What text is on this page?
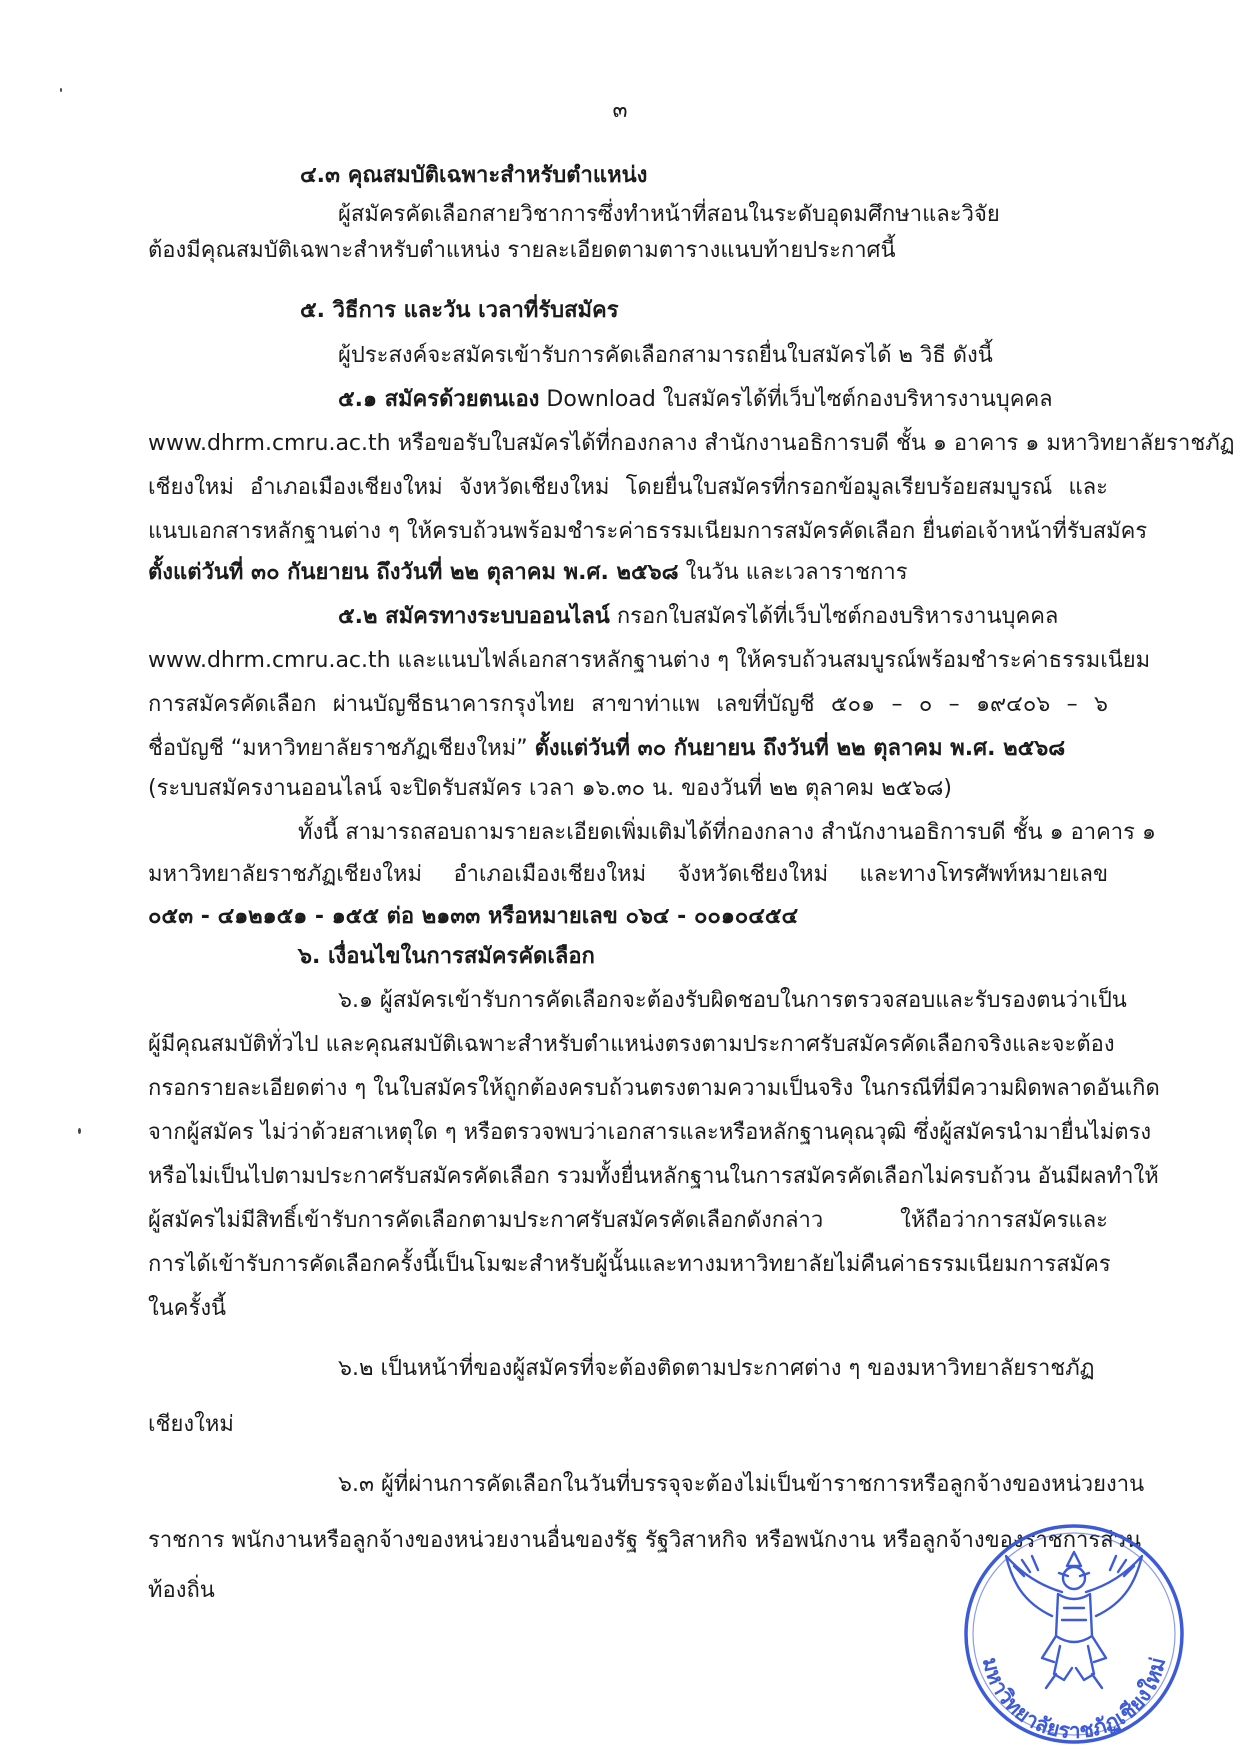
๓
๔.๓ คุณสมบัติเฉพาะสำหรับตำแหน่ง
ผู้สมัครคัดเลือกสายวิชาการซึ่งทำหน้าที่สอนในระดับอุดมศึกษาและวิจัย
ต้องมีคุณสมบัติเฉพาะสำหรับตำแหน่ง รายละเอียดตามตารางแนบท้ายประกาศนี้
๕. วิธีการ และวัน เวลาที่รับสมัคร
ผู้ประสงค์จะสมัครเข้ารับการคัดเลือกสามารถยื่นใบสมัครได้ ๒ วิธี ดังนี้
๕.๑ สมัครด้วยตนเอง Download ใบสมัครได้ที่เว็บไซต์กองบริหารงานบุคคล
www.dhrm.cmru.ac.th หรือขอรับใบสมัครได้ที่กองกลาง สำนักงานอธิการบดี ชั้น ๑ อาคาร ๑ มหาวิทยาลัยราชภัฏ
เชียงใหม่ อำเภอเมืองเชียงใหม่ จังหวัดเชียงใหม่ โดยยื่นใบสมัครที่กรอกข้อมูลเรียบร้อยสมบูรณ์ และ
แนบเอกสารหลักฐานต่าง ๆ ให้ครบถ้วนพร้อมชำระค่าธรรมเนียมการสมัครคัดเลือก ยื่นต่อเจ้าหน้าที่รับสมัคร
ตั้งแต่วันที่ ๓๐ กันยายน ถึงวันที่ ๒๒ ตุลาคม พ.ศ. ๒๕๖๘ ในวัน และเวลาราชการ
๕.๒ สมัครทางระบบออนไลน์ กรอกใบสมัครได้ที่เว็บไซต์กองบริหารงานบุคคล
www.dhrm.cmru.ac.th และแนบไฟล์เอกสารหลักฐานต่าง ๆ ให้ครบถ้วนสมบูรณ์พร้อมชำระค่าธรรมเนียม
การสมัครคัดเลือก ผ่านบัญชีธนาคารกรุงไทย สาขาท่าแพ เลขที่บัญชี ๕๐๑ – ๐ – ๑๙๔๐๖ – ๖
ชื่อบัญชี “มหาวิทยาลัยราชภัฏเชียงใหม่” ตั้งแต่วันที่ ๓๐ กันยายน ถึงวันที่ ๒๒ ตุลาคม พ.ศ. ๒๕๖๘
(ระบบสมัครงานออนไลน์ จะปิดรับสมัคร เวลา ๑๖.๓๐ น. ของวันที่ ๒๒ ตุลาคม ๒๕๖๘)
ทั้งนี้ สามารถสอบถามรายละเอียดเพิ่มเติมได้ที่กองกลาง สำนักงานอธิการบดี ชั้น ๑ อาคาร ๑
มหาวิทยาลัยราชภัฏเชียงใหม่ อำเภอเมืองเชียงใหม่ จังหวัดเชียงใหม่ และทางโทรศัพท์หมายเลข
๐๕๓ - ๔๑๒๑๕๑ - ๑๕๕ ต่อ ๒๑๓๓ หรือหมายเลข ๐๖๔ - ๐๐๑๐๔๕๔
๖. เงื่อนไขในการสมัครคัดเลือก
๖.๑ ผู้สมัครเข้ารับการคัดเลือกจะต้องรับผิดชอบในการตรวจสอบและรับรองตนว่าเป็น
ผู้มีคุณสมบัติทั่วไป และคุณสมบัติเฉพาะสำหรับตำแหน่งตรงตามประกาศรับสมัครคัดเลือกจริงและจะต้อง
กรอกรายละเอียดต่าง ๆ ในใบสมัครให้ถูกต้องครบถ้วนตรงตามความเป็นจริง ในกรณีที่มีความผิดพลาดอันเกิด
จากผู้สมัคร ไม่ว่าด้วยสาเหตุใด ๆ หรือตรวจพบว่าเอกสารและหรือหลักฐานคุณวุฒิ ซึ่งผู้สมัครนำมายื่นไม่ตรง
หรือไม่เป็นไปตามประกาศรับสมัครคัดเลือก รวมทั้งยื่นหลักฐานในการสมัครคัดเลือกไม่ครบถ้วน อันมีผลทำให้
ผู้สมัครไม่มีสิทธิ์เข้ารับการคัดเลือกตามประกาศรับสมัครคัดเลือกดังกล่าว ให้ถือว่าการสมัครและ
การได้เข้ารับการคัดเลือกครั้งนี้เป็นโมฆะสำหรับผู้นั้นและทางมหาวิทยาลัยไม่คืนค่าธรรมเนียมการสมัคร
ในครั้งนี้
๖.๒ เป็นหน้าที่ของผู้สมัครที่จะต้องติดตามประกาศต่าง ๆ ของมหาวิทยาลัยราชภัฏ
เชียงใหม่
๖.๓ ผู้ที่ผ่านการคัดเลือกในวันที่บรรจุจะต้องไม่เป็นข้าราชการหรือลูกจ้างของหน่วยงาน
ราชการ พนักงานหรือลูกจ้างของหน่วยงานอื่นของรัฐ รัฐวิสาหกิจ หรือพนักงาน หรือลูกจ้างของราชการส่วน
ท้องถิ่น
มหาวิทยาลัยราชภัฏเชียงใหม่
